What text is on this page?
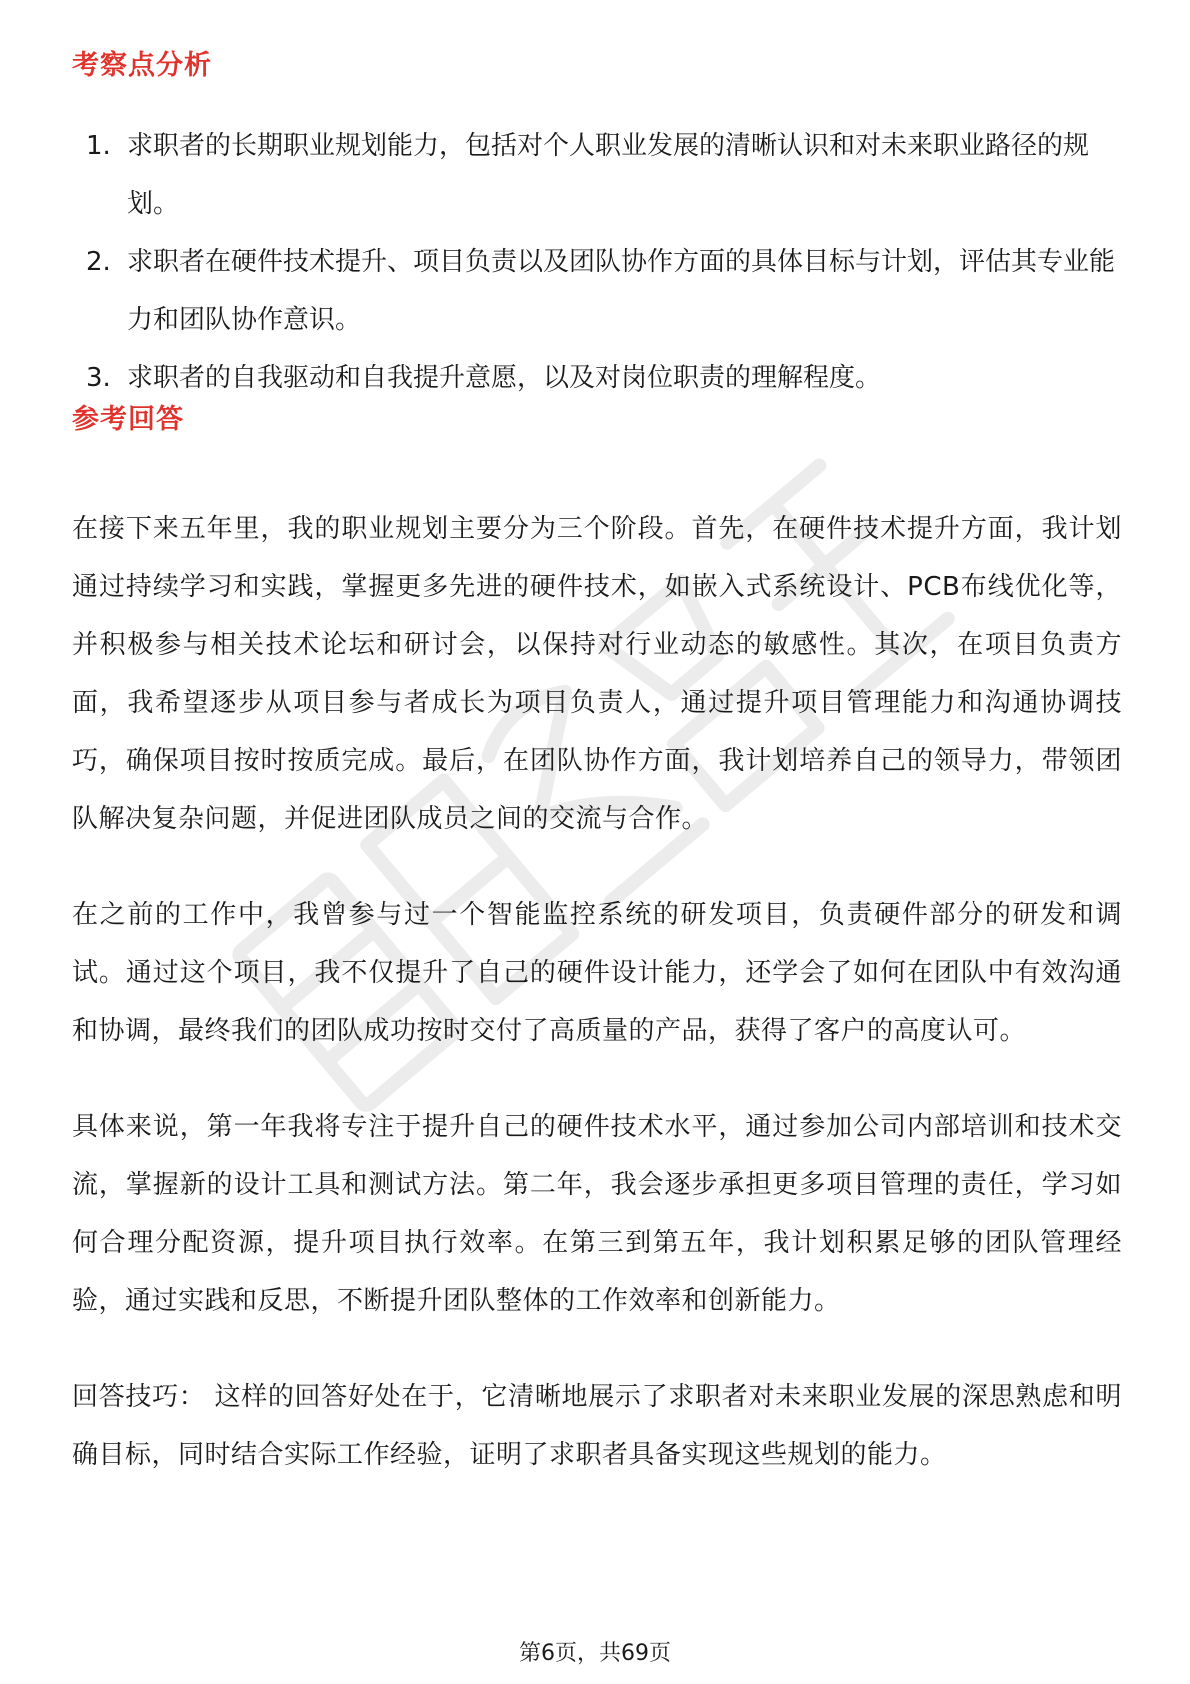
考察点分析
1. 求职者的长期职业规划能力，包括对个人职业发展的清晰认识和对未来职业路径的规划。
2. 求职者在硬件技术提升、项目负责以及团队协作方面的具体目标与计划，评估其专业能力和团队协作意识。
3. 求职者的自我驱动和自我提升意愿，以及对岗位职责的理解程度。
参考回答

在接下来五年里，我的职业规划主要分为三个阶段。首先，在硬件技术提升方面，我计划通过持续学习和实践，掌握更多先进的硬件技术，如嵌入式系统设计、PCB布线优化等，并积极参与相关技术论坛和研讨会，以保持对行业动态的敏感性。其次，在项目负责方面，我希望逐步从项目参与者成长为项目负责人，通过提升项目管理能力和沟通协调技巧，确保项目按时按质完成。最后，在团队协作方面，我计划培养自己的领导力，带领团队解决复杂问题，并促进团队成员之间的交流与合作。

在之前的工作中，我曾参与过一个智能监控系统的研发项目，负责硬件部分的研发和调试。通过这个项目，我不仅提升了自己的硬件设计能力，还学会了如何在团队中有效沟通和协调，最终我们的团队成功按时交付了高质量的产品，获得了客户的高度认可。

具体来说，第一年我将专注于提升自己的硬件技术水平，通过参加公司内部培训和技术交流，掌握新的设计工具和测试方法。第二年，我会逐步承担更多项目管理的责任，学习如何合理分配资源，提升项目执行效率。在第三到第五年，我计划积累足够的团队管理经验，通过实践和反思，不断提升团队整体的工作效率和创新能力。

回答技巧： 这样的回答好处在于，它清晰地展示了求职者对未来职业发展的深思熟虑和明确目标，同时结合实际工作经验，证明了求职者具备实现这些规划的能力。

第6页，共69页
